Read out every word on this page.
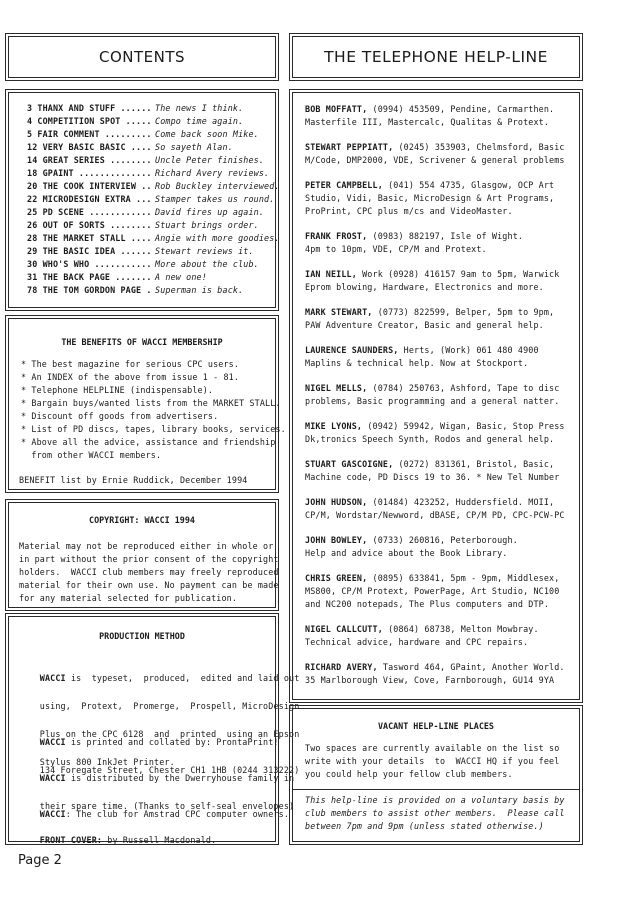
CONTENTS
3 THANX AND STUFF ...... The news I think.
4 COMPETITION SPOT ..... Compo time again.
5 FAIR COMMENT ......... Come back soon Mike.
12 VERY BASIC BASIC .... So sayeth Alan.
14 GREAT SERIES ........ Uncle Peter finishes.
18 GPAINT .............. Richard Avery reviews.
20 THE COOK INTERVIEW .. Rob Buckley interviewed.
22 MICRODESIGN EXTRA ... Stamper takes us round.
25 PD SCENE ............ David fires up again.
26 OUT OF SORTS ........ Stuart brings order.
28 THE MARKET STALL .... Angie with more goodies.
29 THE BASIC IDEA ...... Stewart reviews it.
30 WHO'S WHO ........... More about the club.
31 THE BACK PAGE ....... A new one!
78 THE TOM GORDON PAGE . Superman is back.
THE BENEFITS OF WACCI MEMBERSHIP
* The best magazine for serious CPC users.
* An INDEX of the above from issue 1 - 81.
* Telephone HELPLINE (indispensable).
* Bargain buys/wanted lists from the MARKET STALL.
* Discount off goods from advertisers.
* List of PD discs, tapes, library books, services.
* Above all the advice, assistance and friendship
from other WACCI members.
BENEFIT list by Ernie Ruddick, December 1994
COPYRIGHT: WACCI 1994
Material may not be reproduced either in whole or
in part without the prior consent of the copyright
holders.  WACCI club members may freely reproduced
material for their own use. No payment can be made
for any material selected for publication.
PRODUCTION METHOD

WACCI is  typeset,  produced,  edited and laid out

using,  Protext,  Promerge,  Prospell, MicroDesign

Plus on the CPC 6128  and  printed  using an Epson

Stylus 800 InkJet Printer.

WACCI is printed and collated by: ProntaPrint!

134 Foregate Street, Chester CH1 1HB (0244 313222)

WACCI is distributed by the Dwerryhouse family in

their spare time. (Thanks to self-seal envelopes)

WACCI: The club for Amstrad CPC computer owners.

FRONT COVER: by Russell Macdonald.

THE TELEPHONE HELP-LINE
BOB MOFFATT, (0994) 453509, Pendine, Carmarthen.
Masterfile III, Mastercalc, Qualitas & Protext.
STEWART PEPPIATT, (0245) 353903, Chelmsford, Basic
M/Code, DMP2000, VDE, Scrivener & general problems
PETER CAMPBELL, (041) 554 4735, Glasgow, OCP Art
Studio, Vidi, Basic, MicroDesign & Art Programs,
ProPrint, CPC plus m/cs and VideoMaster.
FRANK FROST, (0983) 882197, Isle of Wight.
4pm to 10pm, VDE, CP/M and Protext.
IAN NEILL, Work (0928) 416157 9am to 5pm, Warwick
Eprom blowing, Hardware, Electronics and more.
MARK STEWART, (0773) 822599, Belper, 5pm to 9pm,
PAW Adventure Creator, Basic and general help.
LAURENCE SAUNDERS, Herts, (Work) 061 480 4900
Maplins & technical help. Now at Stockport.
NIGEL MELLS, (0784) 250763, Ashford, Tape to disc
problems, Basic programming and a general natter.
MIKE LYONS, (0942) 59942, Wigan, Basic, Stop Press
Dk,tronics Speech Synth, Rodos and general help.
STUART GASCOIGNE, (0272) 831361, Bristol, Basic,
Machine code, PD Discs 19 to 36. * New Tel Number
JOHN HUDSON, (01484) 423252, Huddersfield. MOII,
CP/M, Wordstar/Newword, dBASE, CP/M PD, CPC-PCW-PC
JOHN BOWLEY, (0733) 260816, Peterborough.
Help and advice about the Book Library.
CHRIS GREEN, (0895) 633841, 5pm - 9pm, Middlesex,
MS800, CP/M Protext, PowerPage, Art Studio, NC100
and NC200 notepads, The Plus computers and DTP.
NIGEL CALLCUTT, (0864) 68738, Melton Mowbray.
Technical advice, hardware and CPC repairs.
RICHARD AVERY, Tasword 464, GPaint, Another World.
35 Marlborough View, Cove, Farnborough, GU14 9YA
VACANT HELP-LINE PLACES
Two spaces are currently available on the list so
write with your details  to  WACCI HQ if you feel
you could help your fellow club members.
This help-line is provided on a voluntary basis by
club members to assist other members.  Please call
between 7pm and 9pm (unless stated otherwise.)
Page 2
